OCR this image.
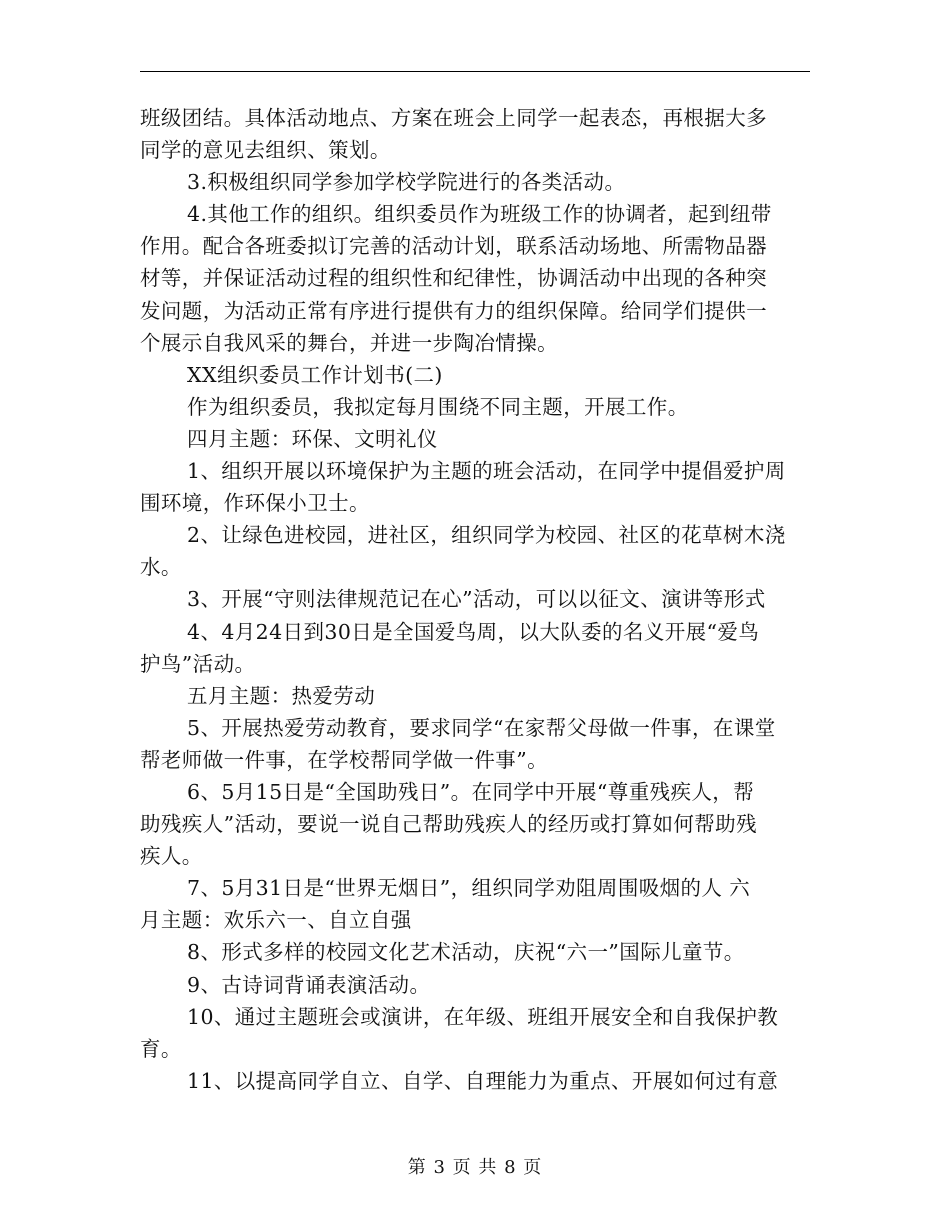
班级团结。具体活动地点、方案在班会上同学一起表态，再根据大多

同学的意见去组织、策划。

3.积极组织同学参加学校学院进行的各类活动。

4.其他工作的组织。组织委员作为班级工作的协调者，起到纽带

作用。配合各班委拟订完善的活动计划，联系活动场地、所需物品器

材等，并保证活动过程的组织性和纪律性，协调活动中出现的各种突

发问题，为活动正常有序进行提供有力的组织保障。给同学们提供一

个展示自我风采的舞台，并进一步陶冶情操。

XX组织委员工作计划书(二)

作为组织委员，我拟定每月围绕不同主题，开展工作。

四月主题：环保、文明礼仪

1、组织开展以环境保护为主题的班会活动，在同学中提倡爱护周

围环境，作环保小卫士。

2、让绿色进校园，进社区，组织同学为校园、社区的花草树木浇

水。

3、开展“守则法律规范记在心”活动，可以以征文、演讲等形式

4、4月24日到30日是全国爱鸟周，以大队委的名义开展“爱鸟

护鸟”活动。

五月主题：热爱劳动

5、开展热爱劳动教育，要求同学“在家帮父母做一件事，在课堂

帮老师做一件事，在学校帮同学做一件事”。

6、5月15日是“全国助残日”。在同学中开展“尊重残疾人，帮

助残疾人”活动，要说一说自己帮助残疾人的经历或打算如何帮助残

疾人。

7、5月31日是“世界无烟日”，组织同学劝阻周围吸烟的人 六

月主题：欢乐六一、自立自强

8、形式多样的校园文化艺术活动，庆祝“六一”国际儿童节。

9、古诗词背诵表演活动。

10、通过主题班会或演讲，在年级、班组开展安全和自我保护教

育。

11、以提高同学自立、自学、自理能力为重点、开展如何过有意

第 3 页 共 8 页
